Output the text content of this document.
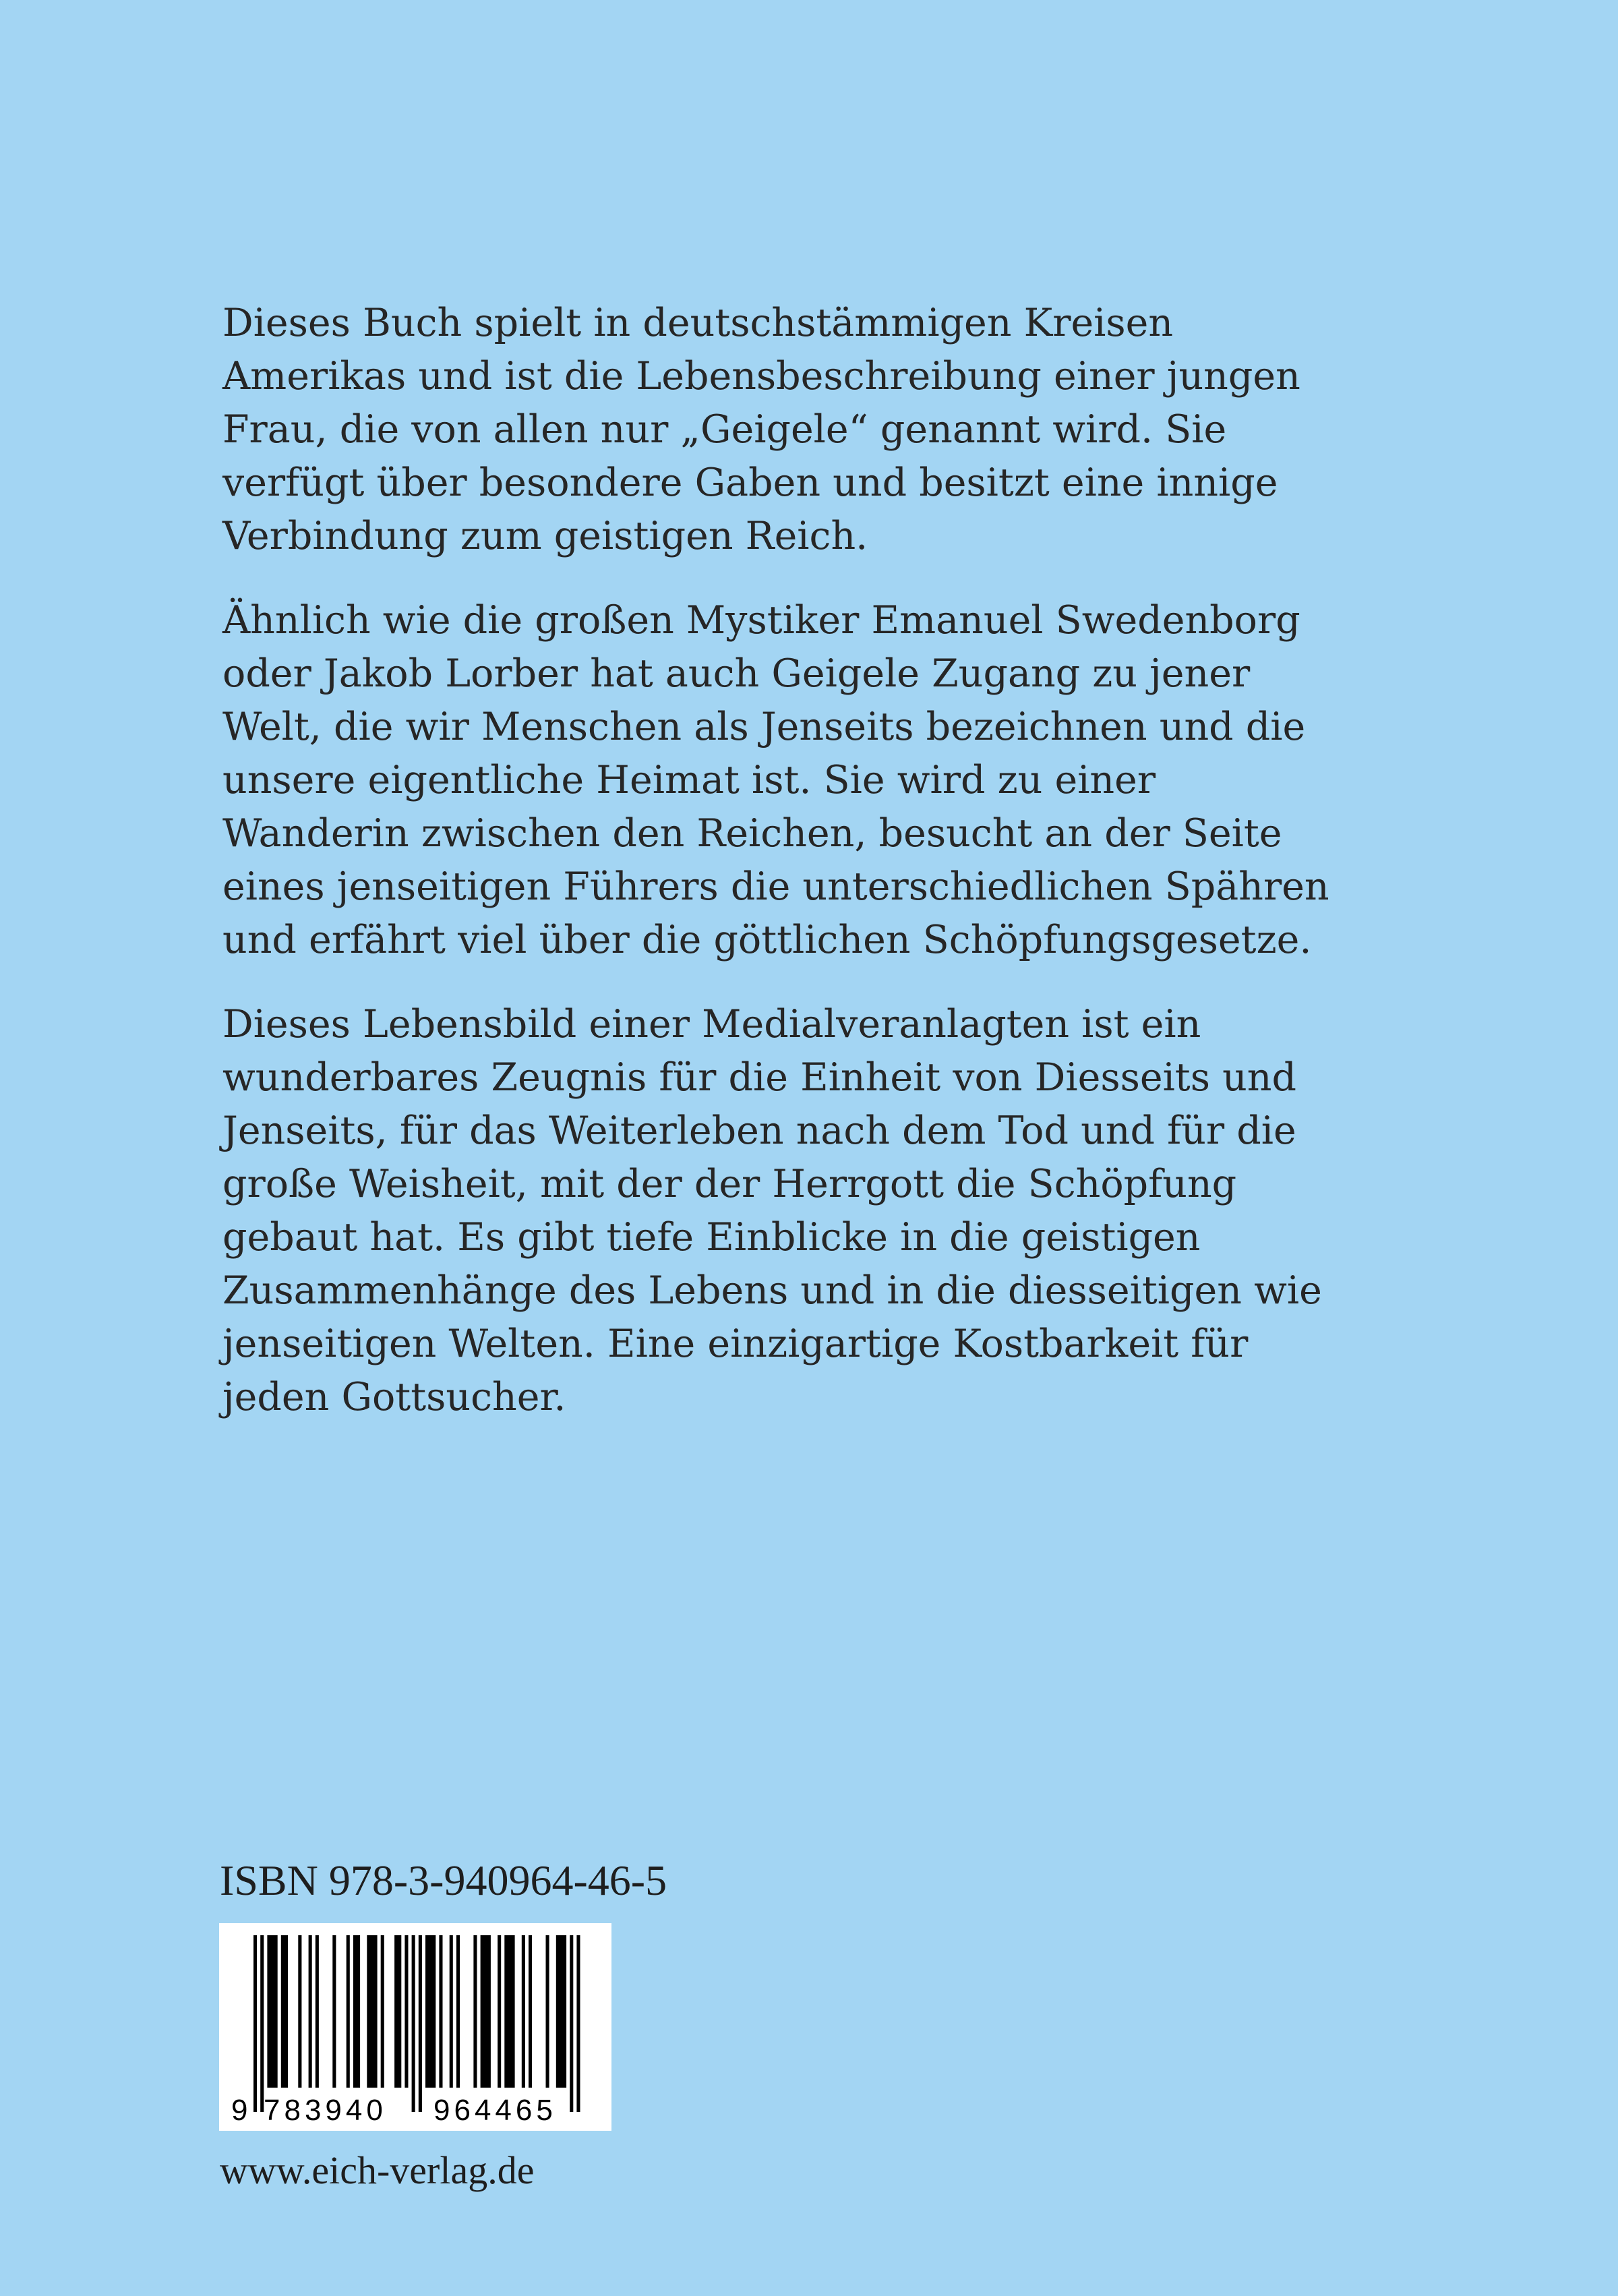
Dieses Buch spielt in deutschstämmigen Kreisen Amerikas und ist die Lebensbeschreibung einer jungen Frau, die von allen nur „Geigele“ genannt wird. Sie verfügt über besondere Gaben und besitzt eine innige Verbindung zum geistigen Reich.

Ähnlich wie die großen Mystiker Emanuel Swedenborg oder Jakob Lorber hat auch Geigele Zugang zu jener Welt, die wir Menschen als Jenseits bezeichnen und die unsere eigentliche Heimat ist. Sie wird zu einer Wanderin zwischen den Reichen, besucht an der Seite eines jenseitigen Führers die unterschiedlichen Spähren und erfährt viel über die göttlichen Schöpfungsgesetze.

Dieses Lebensbild einer Medialveranlagten ist ein wunderbares Zeugnis für die Einheit von Diesseits und Jenseits, für das Weiterleben nach dem Tod und für die große Weisheit, mit der der Herrgott die Schöpfung gebaut hat. Es gibt tiefe Einblicke in die geistigen Zusammenhänge des Lebens und in die diesseitigen wie jenseitigen Welten. Eine einzigartige Kostbarkeit für jeden Gottsucher.

ISBN 978-3-940964-46-5
9 783940 964465
www.eich-verlag.de
